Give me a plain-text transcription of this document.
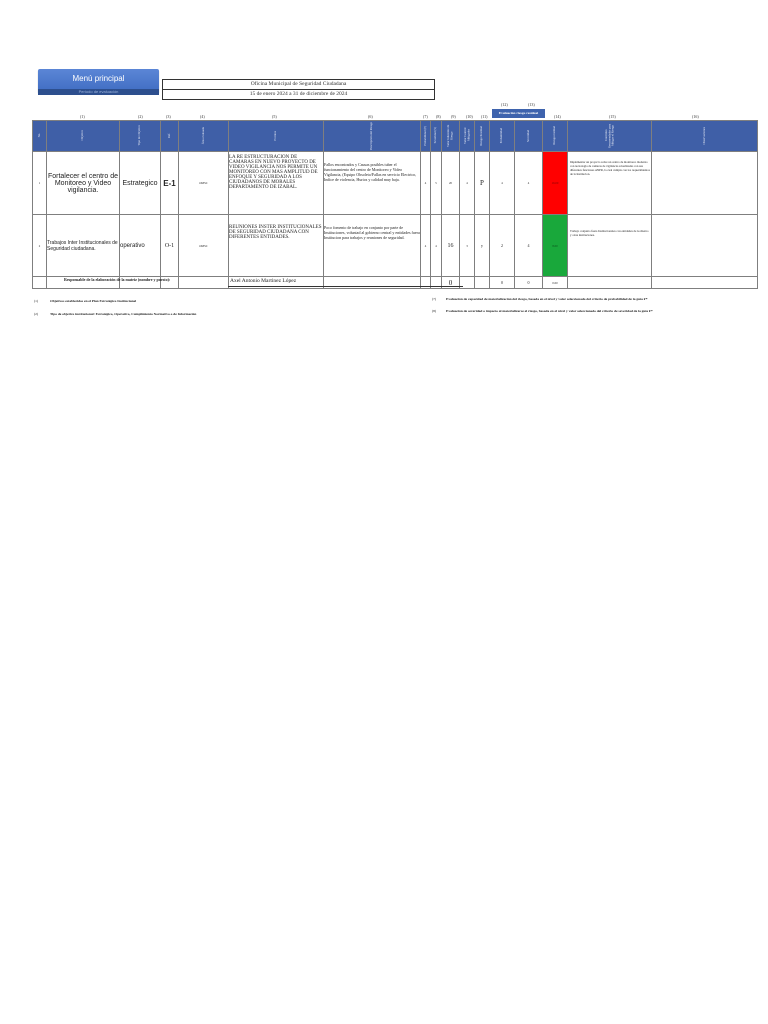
Menú principal
Período de evaluación
Oficina Municipal de Seguridad Ciudadana
15 de enero 2024 a 31 de diciembre de 2024
(12)	(13)
Evaluación riesgo residual
(1)	(2)	(3)	(4)	(5)	(6)	(7) (8)	(9)	(10) (11)	(14)	(15)	(16)
No.	Objetivo	Tipo de Objetivo	Ref.	Área evaluada	Eventos	Descripción del Riesgo	Probabilidad (P)	Severidad (S)	Valor Inherente de Riesgo	Valor Control Mitigador	Riesgo Residual	Probabilidad	Severidad	Riesgo residual	Controles Recomendados para Mitigar el Riesgo	Observaciones
1	Fortalecer el centro de Monitoreo y Video vigilancia.	Estrategico	E-1	OMSC	LA RE ESTRUCTURACION DE CAMARAS EN NUEVO PROYECTO DE VIDEO VIGILANCIA NOS PERMITE UN MONITOREO CON MAS AMPLITUD DE ENFOQUE Y SEGURIDAD A LOS CIUDADANOS DE MORALES DEPARTAMENTO DE IZABAL.	Fallos encontrados y Causas posibles tuber el funcionamiento del centro de Monitoreo y Video Vigilancia, (Equipo Obsoleto/Fallas en servicio Electrico, Indice de violencia, Hurtos y calidad muy baja.	4	5	20	4	P	4	4	16.00	Implementar un proyecto sobre un centro de monitoreo moderno con tecnologia de camaras de vigilancia actualizadas con sus diferentes funciones ANPR, la cual cumpla con los requerimientos de la Institucion.	
2	Trabajos Inter Institucionales de Seguridad ciudadana.	operativo	O-1	OMSC	REUNIONES INSTER INSTITUCIONALES DE SEGURIDAD CIUDADANA CON DIFERENTES ENTIDADES.	Poco fomento de trabajo en conjunto por parte de Instituciones, voluntad al gobierno central y entidades fuera Institucion para trabajos y reuniones de seguridad.	4	4	16	3	y	2	4	8.00	Trabajo conjunto fuera Institucionales con entidades de Gobierno y otras instituciones.	
									0			0	0	0.00		
Responsable de la elaboración de la matriz (nombre y puesto):	Axel Antonio Martinez López
(1)	Objetivos establecidos en el Plan Estratégico Institucional
(2)	Tipo de objetivo institucional: Estratégico, Operativo, Cumplimiento Normativo o de Información
(7)	Evaluación de capacidad de materialización del riesgo, basada en el nivel y valor seleccionado del criterio de probabilidad de la guía F*
(8)	Evaluación de severidad o impacto al materializarse el riesgo, basada en el nivel y valor seleccionado del criterio de severidad de la guía F*
